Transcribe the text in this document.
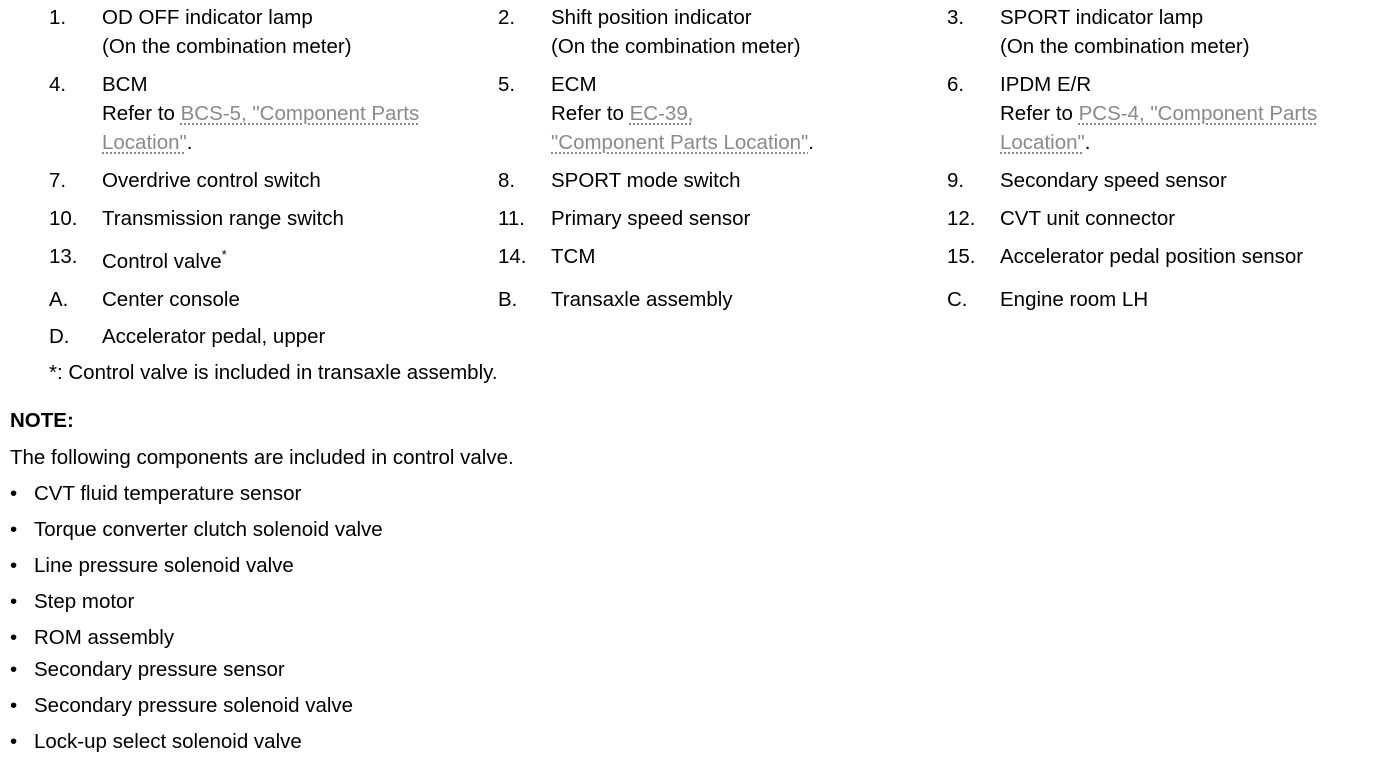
1. OD OFF indicator lamp
(On the combination meter)
2. Shift position indicator
(On the combination meter)
3. SPORT indicator lamp
(On the combination meter)
4. BCM
Refer to BCS-5, "Component Parts
Location".
5. ECM
Refer to EC-39,
"Component Parts Location".
6. IPDM E/R
Refer to PCS-4, "Component Parts
Location".
7. Overdrive control switch	8. SPORT mode switch	9. Secondary speed sensor
10. Transmission range switch	11. Primary speed sensor	12. CVT unit connector
13. Control valve*	14. TCM	15. Accelerator pedal position sensor
A. Center console	B. Transaxle assembly	C. Engine room LH
D. Accelerator pedal, upper
*: Control valve is included in transaxle assembly.
NOTE:
The following components are included in control valve.
• CVT fluid temperature sensor
• Torque converter clutch solenoid valve
• Line pressure solenoid valve
• Step motor
• ROM assembly
• Secondary pressure sensor
• Secondary pressure solenoid valve
• Lock-up select solenoid valve
